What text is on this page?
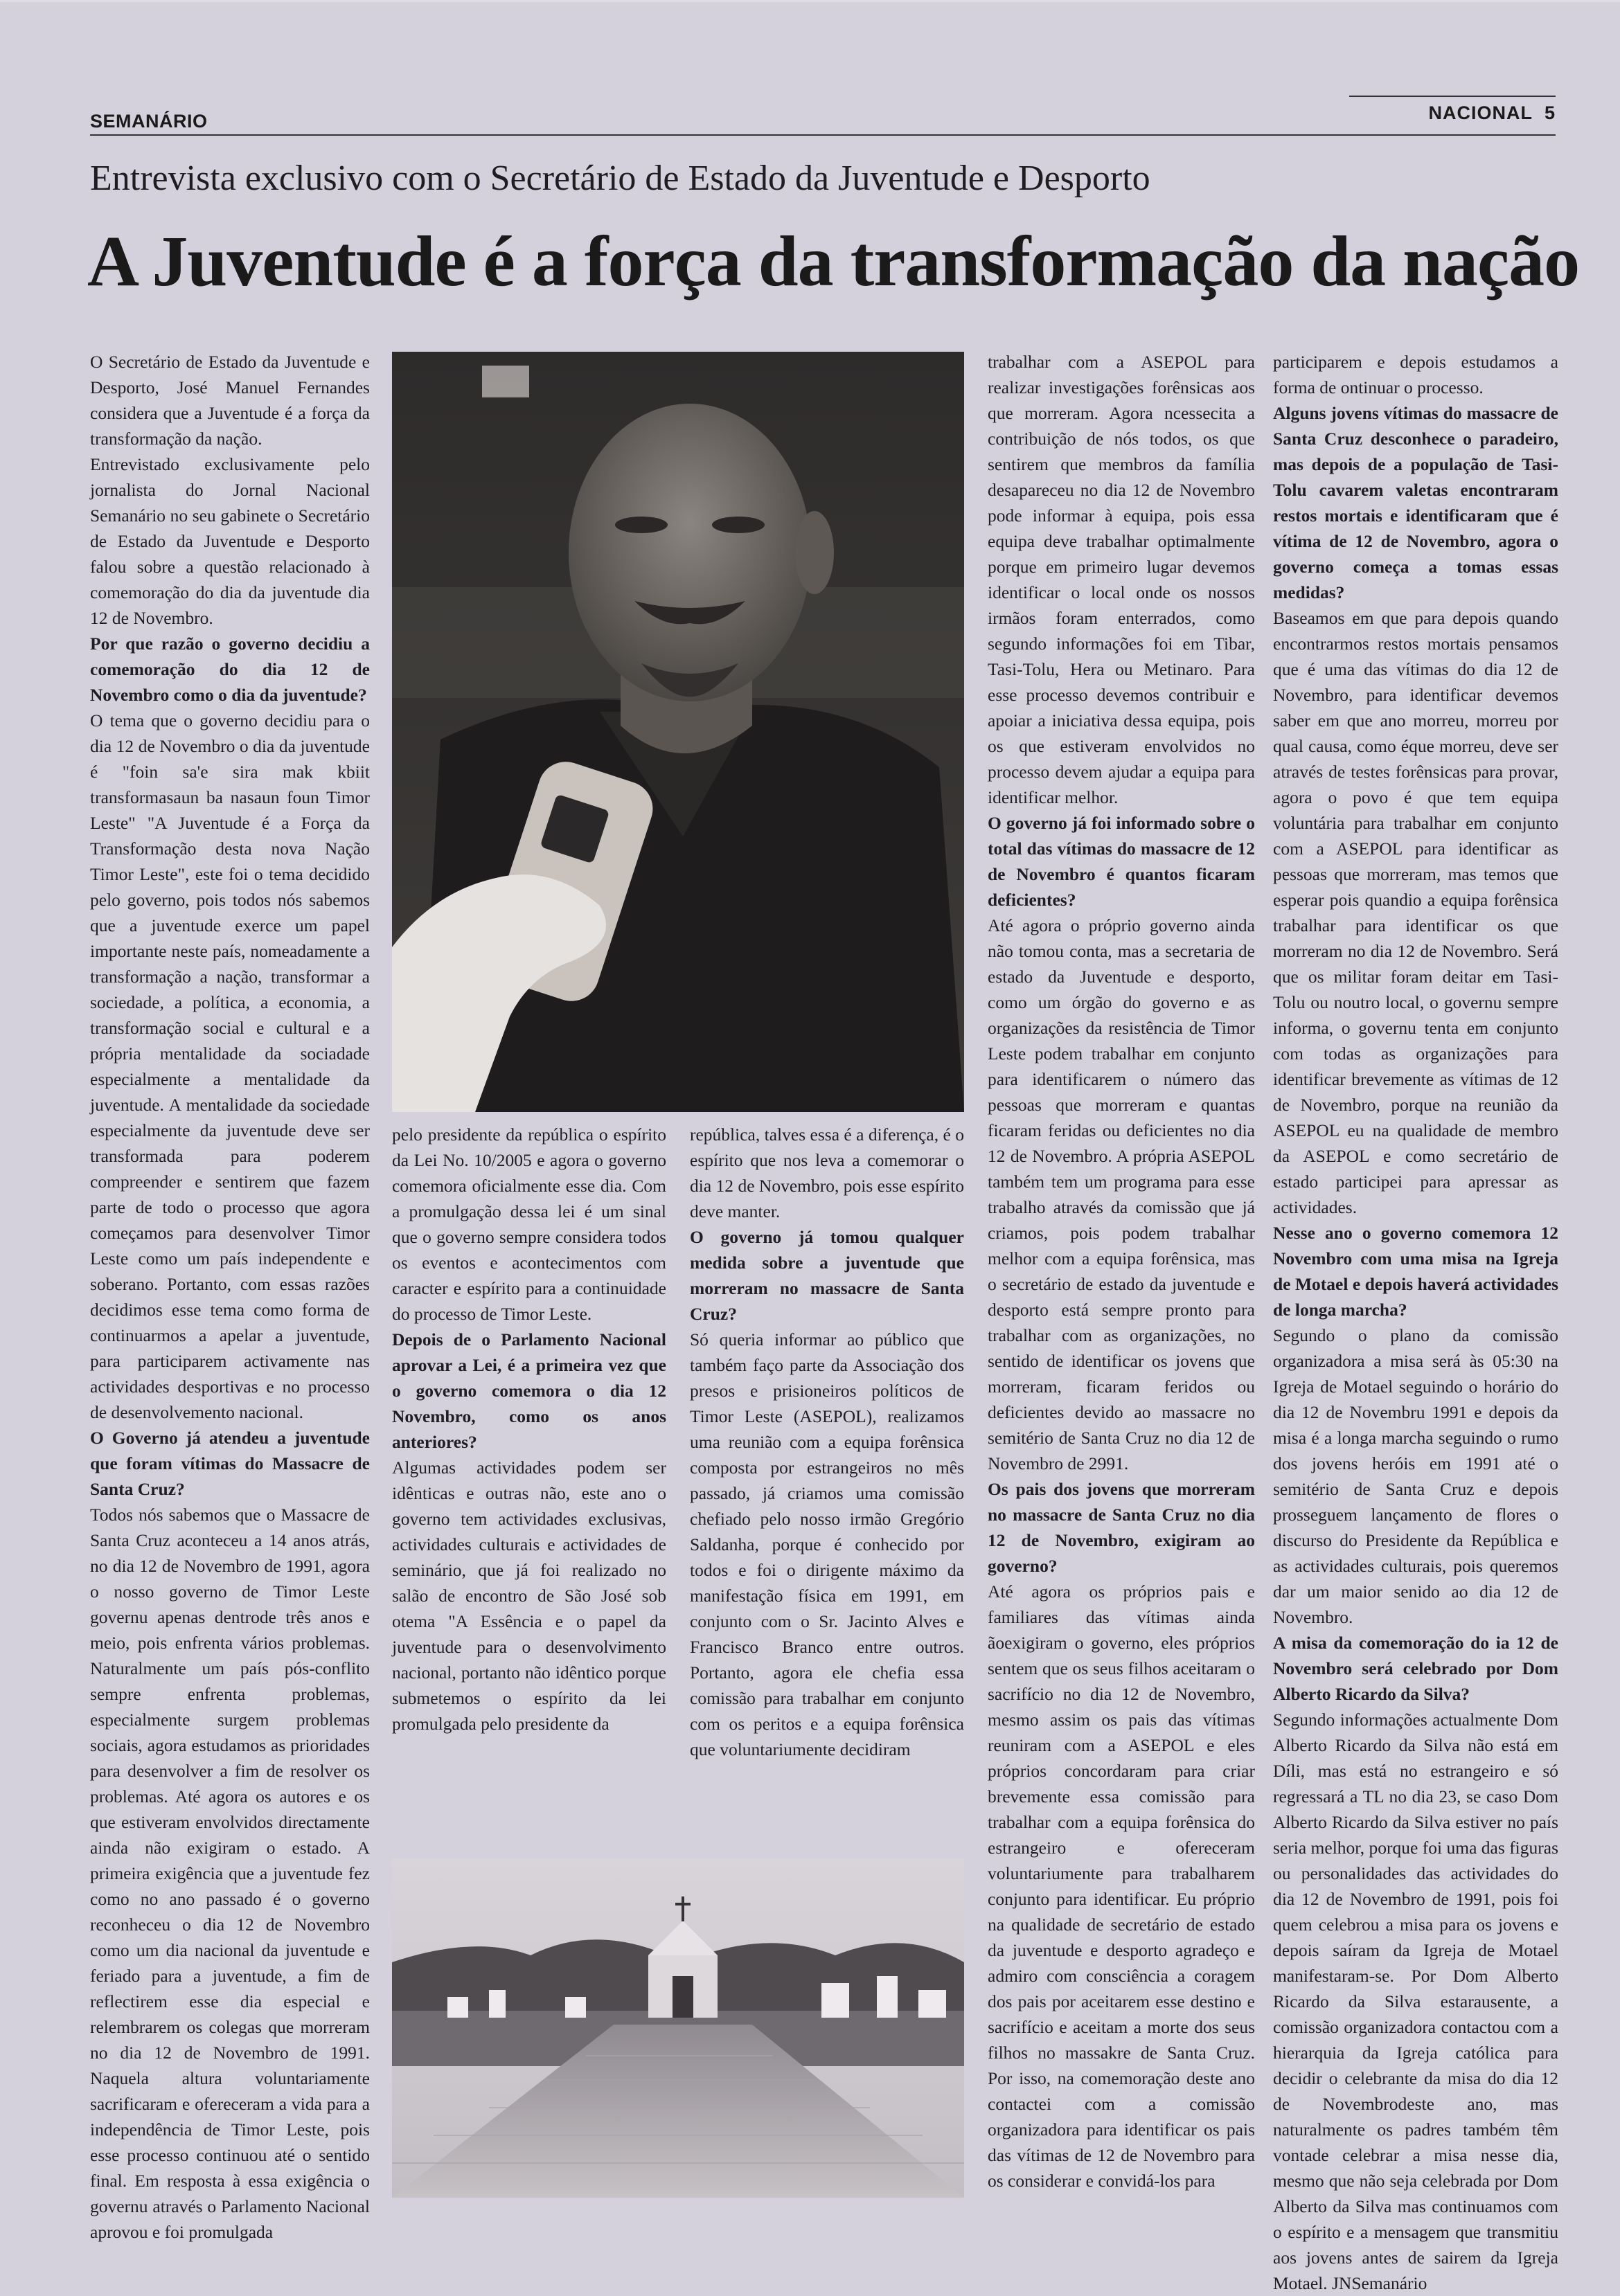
SEMANÁRIO	NACIONAL 5
Entrevista exclusivo com o Secretário de Estado da Juventude e Desporto
A Juventude é a força da transformação da nação

O Secretário de Estado da Juventude e Desporto, José Manuel Fernandes considera que a Juventude é a força da transformação da nação.

Entrevistado exclusivamente pelo jornalista do Jornal Nacional Semanário no seu gabinete o Secretário de Estado da Juventude e Desporto falou sobre a questão relacionado à comemoração do dia da juventude dia 12 de Novembro.

Por que razão o governo decidiu a comemoração do dia 12 de Novembro como o dia da juventude?

O tema que o governo decidiu para o dia 12 de Novembro o dia da juventude é "foin sa'e sira mak kbiit transformasaun ba nasaun foun Timor Leste" "A Juventude é a Força da Transformação desta nova Nação Timor Leste", este foi o tema decidido pelo governo, pois todos nós sabemos que a juventude exerce um papel importante neste país, nomeadamente a transformação a nação, transformar a sociedade, a política, a economia, a transformação social e cultural e a própria mentalidade da sociadade especialmente a mentalidade da juventude. A mentalidade da sociedade especialmente da juventude deve ser transformada para poderem compreender e sentirem que fazem parte de todo o processo que agora começamos para desenvolver Timor Leste como um país independente e soberano. Portanto, com essas razões decidimos esse tema como forma de continuarmos a apelar a juventude, para participarem activamente nas actividades desportivas e no processo de desenvolvemento nacional.

O Governo já atendeu a juventude que foram vítimas do Massacre de Santa Cruz?

Todos nós sabemos que o Massacre de Santa Cruz aconteceu a 14 anos atrás, no dia 12 de Novembro de 1991, agora o nosso governo de Timor Leste governu apenas dentrode três anos e meio, pois enfrenta vários problemas. Naturalmente um país pós-conflito sempre enfrenta problemas, especialmente surgem problemas sociais, agora estudamos as prioridades para desenvolver a fim de resolver os problemas. Até agora os autores e os que estiveram envolvidos directamente ainda não exigiram o estado. A primeira exigência que a juventude fez como no ano passado é o governo reconheceu o dia 12 de Novembro como um dia nacional da juventude e feriado para a juventude, a fim de reflectirem esse dia especial e relembrarem os colegas que morreram no dia 12 de Novembro de 1991. Naquela altura voluntariamente sacrificaram e ofereceram a vida para a independência de Timor Leste, pois esse processo continuou até o sentido final. Em resposta à essa exigência o governu através o Parlamento Nacional aprovou e foi promulgada

pelo presidente da república o espírito da Lei No. 10/2005 e agora o governo comemora oficialmente esse dia. Com a promulgação dessa lei é um sinal que o governo sempre considera todos os eventos e acontecimentos com caracter e espírito para a continuidade do processo de Timor Leste.

Depois de o Parlamento Nacional aprovar a Lei, é a primeira vez que o governo comemora o dia 12 Novembro, como os anos anteriores?

Algumas actividades podem ser idênticas e outras não, este ano o governo tem actividades exclusivas, actividades culturais e actividades de seminário, que já foi realizado no salão de encontro de São José sob otema "A Essência e o papel da juventude para o desenvolvimento nacional, portanto não idêntico porque submetemos o espírito da lei promulgada pelo presidente da

república, talves essa é a diferença, é o espírito que nos leva a comemorar o dia 12 de Novembro, pois esse espírito deve manter.

O governo já tomou qualquer medida sobre a juventude que morreram no massacre de Santa Cruz?

Só queria informar ao público que também faço parte da Associação dos presos e prisioneiros políticos de Timor Leste (ASEPOL), realizamos uma reunião com a equipa forênsica composta por estrangeiros no mês passado, já criamos uma comissão chefiado pelo nosso irmão Gregório Saldanha, porque é conhecido por todos e foi o dirigente máximo da manifestação física em 1991, em conjunto com o Sr. Jacinto Alves e Francisco Branco entre outros. Portanto, agora ele chefia essa comissão para trabalhar em conjunto com os peritos e a equipa forênsica que voluntariumente decidiram

trabalhar com a ASEPOL para realizar investigações forênsicas aos que morreram. Agora ncessecita a contribuição de nós todos, os que sentirem que membros da família desapareceu no dia 12 de Novembro pode informar à equipa, pois essa equipa deve trabalhar optimalmente porque em primeiro lugar devemos identificar o local onde os nossos irmãos foram enterrados, como segundo informações foi em Tibar, Tasi-Tolu, Hera ou Metinaro. Para esse processo devemos contribuir e apoiar a iniciativa dessa equipa, pois os que estiveram envolvidos no processo devem ajudar a equipa para identificar melhor.

O governo já foi informado sobre o total das vítimas do massacre de 12 de Novembro é quantos ficaram deficientes?

Até agora o próprio governo ainda não tomou conta, mas a secretaria de estado da Juventude e desporto, como um órgão do governo e as organizações da resistência de Timor Leste podem trabalhar em conjunto para identificarem o número das pessoas que morreram e quantas ficaram feridas ou deficientes no dia 12 de Novembro. A própria ASEPOL também tem um programa para esse trabalho através da comissão que já criamos, pois podem trabalhar melhor com a equipa forênsica, mas o secretário de estado da juventude e desporto está sempre pronto para trabalhar com as organizações, no sentido de identificar os jovens que morreram, ficaram feridos ou deficientes devido ao massacre no semitério de Santa Cruz no dia 12 de Novembro de 2991.

Os pais dos jovens que morreram no massacre de Santa Cruz no dia 12 de Novembro, exigiram ao governo?

Até agora os próprios pais e familiares das vítimas ainda ãoexigiram o governo, eles próprios sentem que os seus filhos aceitaram o sacrifício no dia 12 de Novembro, mesmo assim os pais das vítimas reuniram com a ASEPOL e eles próprios concordaram para criar brevemente essa comissão para trabalhar com a equipa forênsica do estrangeiro e ofereceram voluntariumente para trabalharem conjunto para identificar. Eu próprio na qualidade de secretário de estado da juventude e desporto agradeço e admiro com consciência a coragem dos pais por aceitarem esse destino e sacrifício e aceitam a morte dos seus filhos no massakre de Santa Cruz. Por isso, na comemoração deste ano contactei com a comissão organizadora para identificar os pais das vítimas de 12 de Novembro para os considerar e convidá-los para

participarem e depois estudamos a forma de ontinuar o processo.

Alguns jovens vítimas do massacre de Santa Cruz desconhece o paradeiro, mas depois de a população de Tasi-Tolu cavarem valetas encontraram restos mortais e identificaram que é vítima de 12 de Novembro, agora o governo começa a tomas essas medidas?

Baseamos em que para depois quando encontrarmos restos mortais pensamos que é uma das vítimas do dia 12 de Novembro, para identificar devemos saber em que ano morreu, morreu por qual causa, como éque morreu, deve ser através de testes forênsicas para provar, agora o povo é que tem equipa voluntária para trabalhar em conjunto com a ASEPOL para identificar as pessoas que morreram, mas temos que esperar pois quandio a equipa forênsica trabalhar para identificar os que morreram no dia 12 de Novembro. Será que os militar foram deitar em Tasi-Tolu ou noutro local, o governu sempre informa, o governu tenta em conjunto com todas as organizações para identificar brevemente as vítimas de 12 de Novembro, porque na reunião da ASEPOL eu na qualidade de membro da ASEPOL e como secretário de estado participei para apressar as actividades.

Nesse ano o governo comemora 12 Novembro com uma misa na Igreja de Motael e depois haverá actividades de longa marcha?

Segundo o plano da comissão organizadora a misa será às 05:30 na Igreja de Motael seguindo o horário do dia 12 de Novembru 1991 e depois da misa é a longa marcha seguindo o rumo dos jovens heróis em 1991 até o semitério de Santa Cruz e depois prosseguem lançamento de flores o discurso do Presidente da República e as actividades culturais, pois queremos dar um maior senido ao dia 12 de Novembro.

A misa da comemoração do ia 12 de Novembro será celebrado por Dom Alberto Ricardo da Silva?

Segundo informações actualmente Dom Alberto Ricardo da Silva não está em Díli, mas está no estrangeiro e só regressará a TL no dia 23, se caso Dom Alberto Ricardo da Silva estiver no país seria melhor, porque foi uma das figuras ou personalidades das actividades do dia 12 de Novembro de 1991, pois foi quem celebrou a misa para os jovens e depois saíram da Igreja de Motael manifestaram-se. Por Dom Alberto Ricardo da Silva estarausente, a comissão organizadora contactou com a hierarquia da Igreja católica para decidir o celebrante da misa do dia 12 de Novembrodeste ano, mas naturalmente os padres também têm vontade celebrar a misa nesse dia, mesmo que não seja celebrada por Dom Alberto da Silva mas continuamos com o espírito e a mensagem que transmitiu aos jovens antes de sairem da Igreja Motael. JNSemanário
